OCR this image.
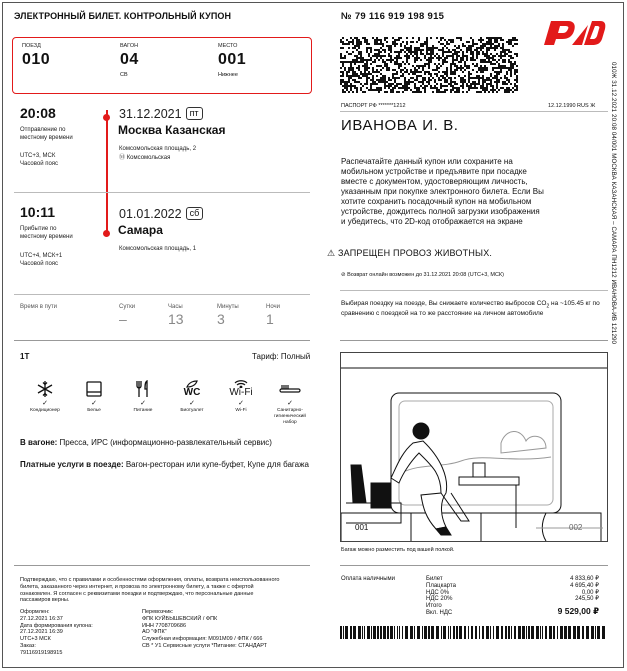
ЭЛЕКТРОННЫЙ БИЛЕТ. КОНТРОЛЬНЫЙ КУПОН	№ 79 116 919 198 915
ПОЕЗД
010
ВАГОН
04
СВ
МЕСТО
001
Нижнее
20:08
Отправление по
местному времени
UTC+3, МСК
Часовой пояс
31.12.2021 пт
Москва Казанская
Комсомольская площадь, 2
Ⓜ Комсомольская
10:11
Прибытие по
местному времени
UTC+4, МСК+1
Часовой пояс
01.01.2022 сб
Самара
Комсомольская площадь, 1
Время в пути	Сутки
–
Часы
13
Минуты
3
Ночи
1
ПАСПОРТ РФ *******1212	12.12.1990 RUS Ж
ИВАНОВА И. В.
Распечатайте данный купон или сохраните на мобильном устройстве и предъявите при посадке вместе с документом, удостоверяющим личность, указанным при покупке электронного билета. Если Вы хотите сохранить посадочный купон на мобильном устройстве, дождитесь полной загрузки изображения и убедитесь, что 2D-код отображается на экране
⚠ ЗАПРЕЩЕН ПРОВОЗ ЖИВОТНЫХ.
⊘ Возврат онлайн возможен до 31.12.2021 20:08 (UTC+3, МСК)
Выбирая поездку на поезде, Вы снижаете количество выбросов $CO_2$ на ~105.45 кг по сравнению с поездкой на то же расстояние на личном автомобиле	010Ж 31.12.2021 20:08 04/001 МОСКВА КАЗАНСКАЯ – САМАРА ПН1212 ИВАНОВА-ИВ 121290
1Т	Тариф: Полный
✓
Кондиционер
✓
Белье
✓
Питание
WC
✓
Биотуалет
Wi-Fi
✓
Wi-Fi
✓
Санитарно-гигиенический набор
В вагоне: Пресса, ИРС (информационно-развлекательный сервис)
Платные услуги в поезде: Вагон-ресторан или купе-буфет, Купе для багажа
001	002
Багаж можно разместить под вашей полкой.
Подтверждаю, что с правилами и особенностями оформления, оплаты, возврата неиспользованного билета, заказанного через интернет, и провоза по электронному билету, а также с офертой ознакомлен. Я согласен с реквизитами поездки и подтверждаю, что персональные данные пассажиров верны.
Оформлен:
27.12.2021 16:37
Дата формирования купона:
27.12.2021 16:39
UTC+3 МСК
Заказ:
79116919198915
Перевозчик:
ФПК КУЙБЫШЕВСКИЙ / ФПК
ИНН 7708709686
АО "ФПК"
Служебная информация: М091М09 / ФПК / 666
СВ * У1 Сервисные услуги *Питание: СТАНДАРТ
Оплата наличными	Билет	4 833,60 ₽
Плацкарта	4 695,40 ₽
НДС 0%	0,00 ₽
НДС 20%	245,50 ₽
Итого
Вкл. НДС	9 529,00 ₽
